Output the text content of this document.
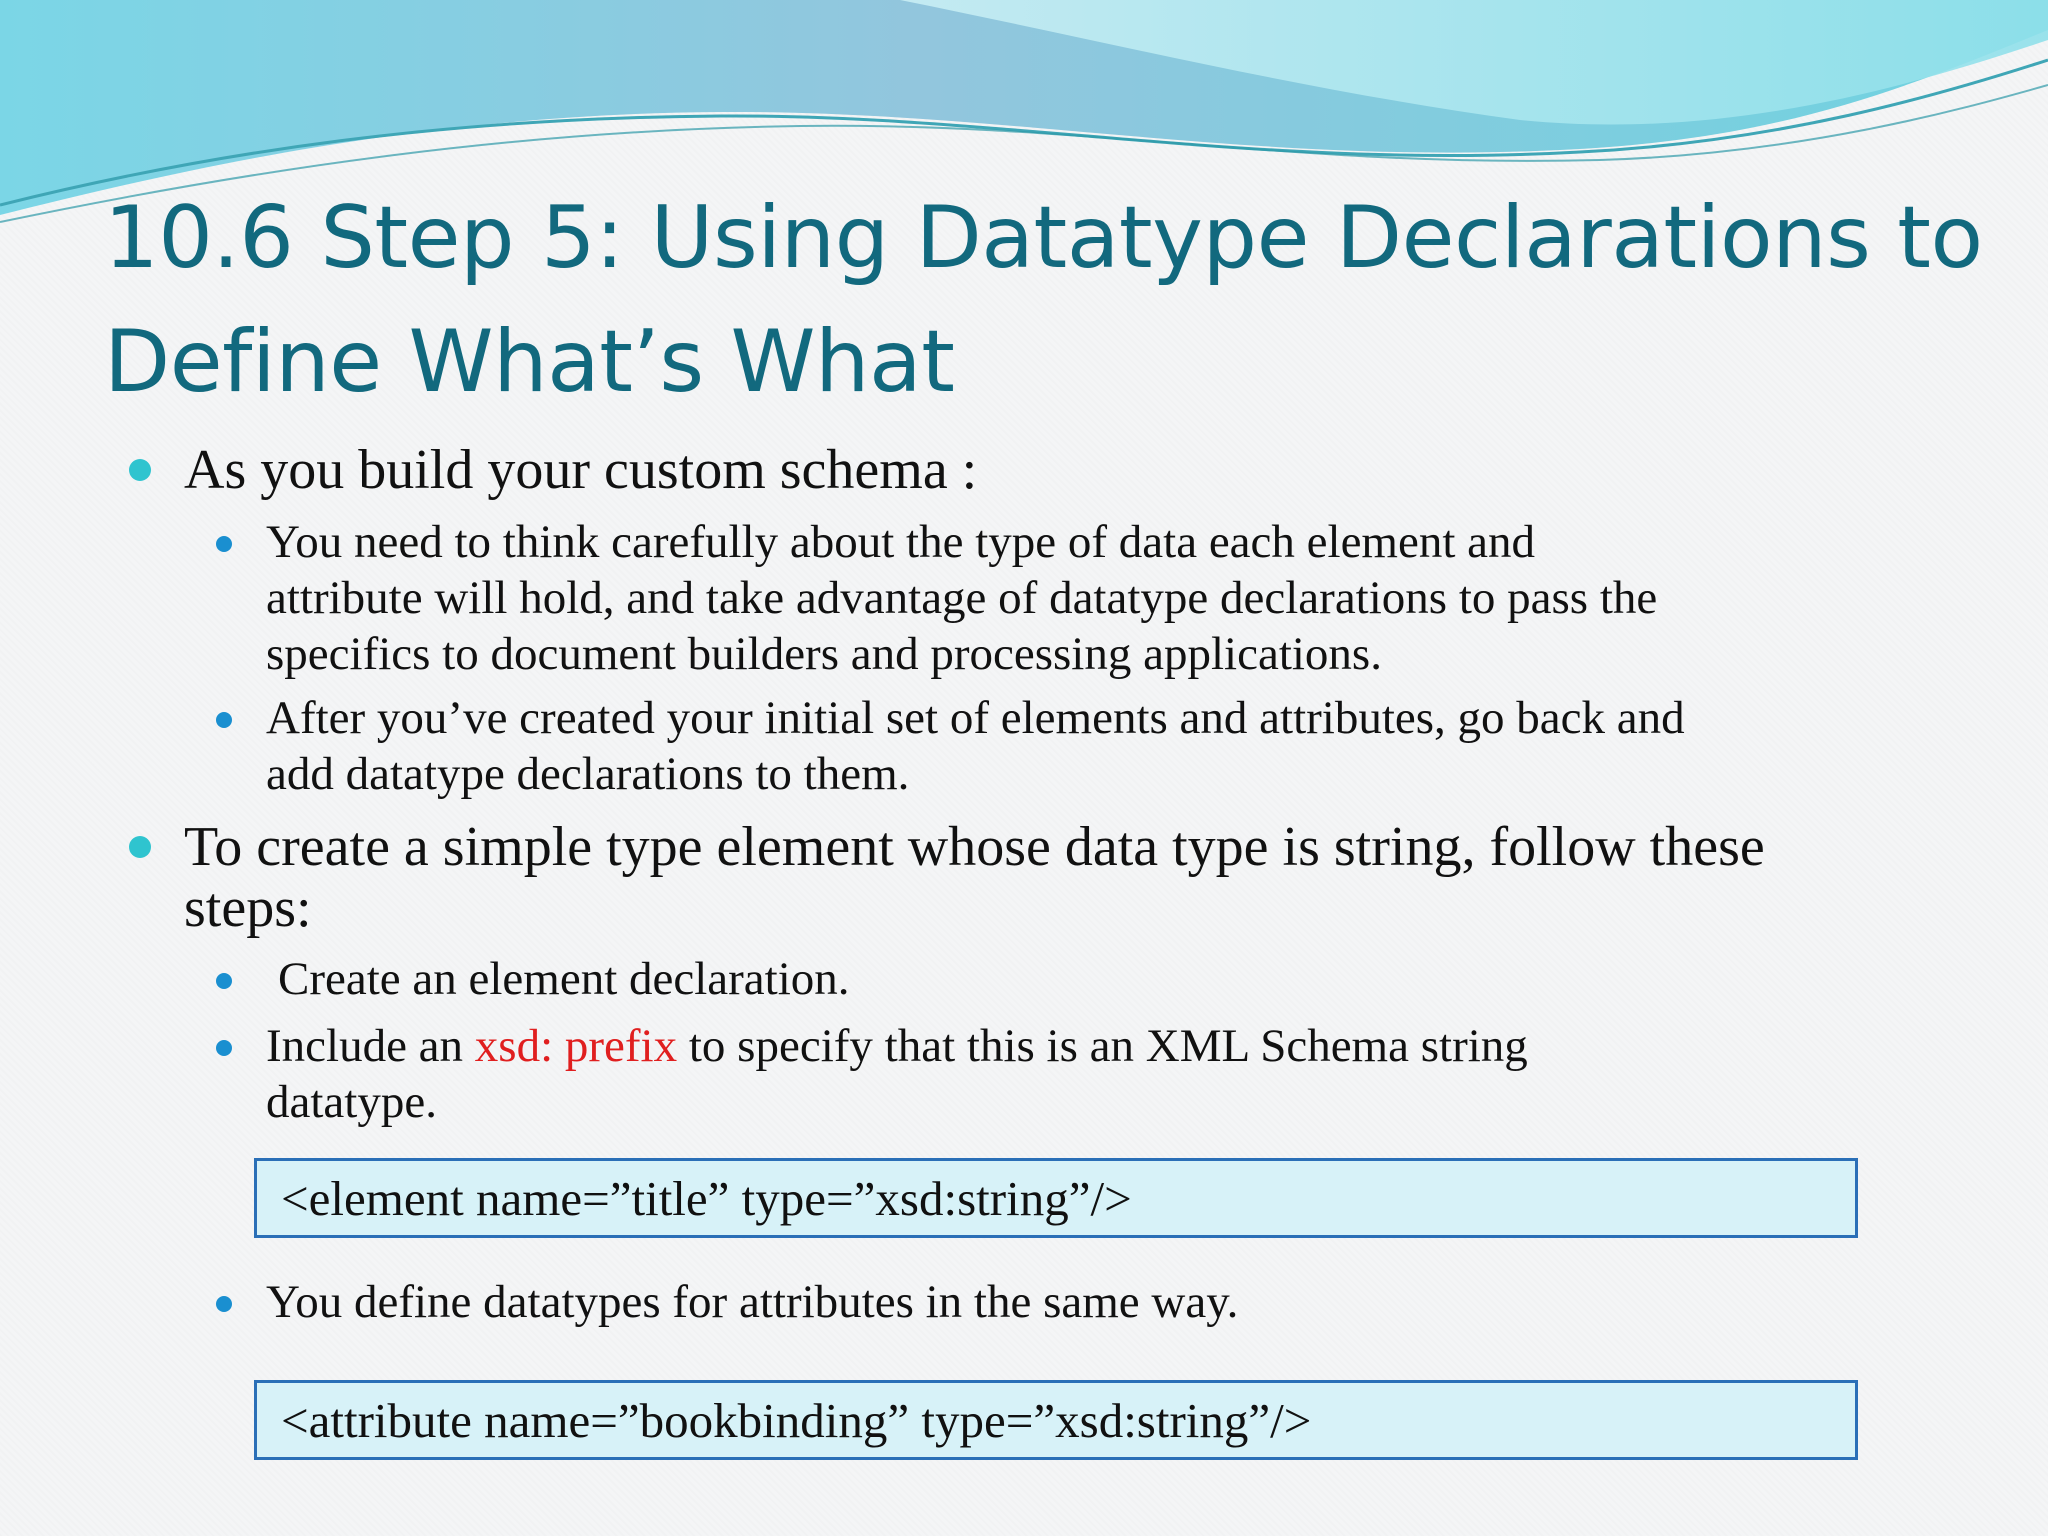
10.6 Step 5: Using Datatype Declarations to
Define What’s What

As you build your custom schema :

You need to think carefully about the type of data each element and
attribute will hold, and take advantage of datatype declarations to pass the
specifics to document builders and processing applications.

After you’ve created your initial set of elements and attributes, go back and
add datatype declarations to them.

To create a simple type element whose data type is string, follow these
steps:

Create an element declaration.

Include an xsd: prefix to specify that this is an XML Schema string
datatype.

<element name=”title” type=”xsd:string”/>

You define datatypes for attributes in the same way.

<attribute name=”bookbinding” type=”xsd:string”/>
